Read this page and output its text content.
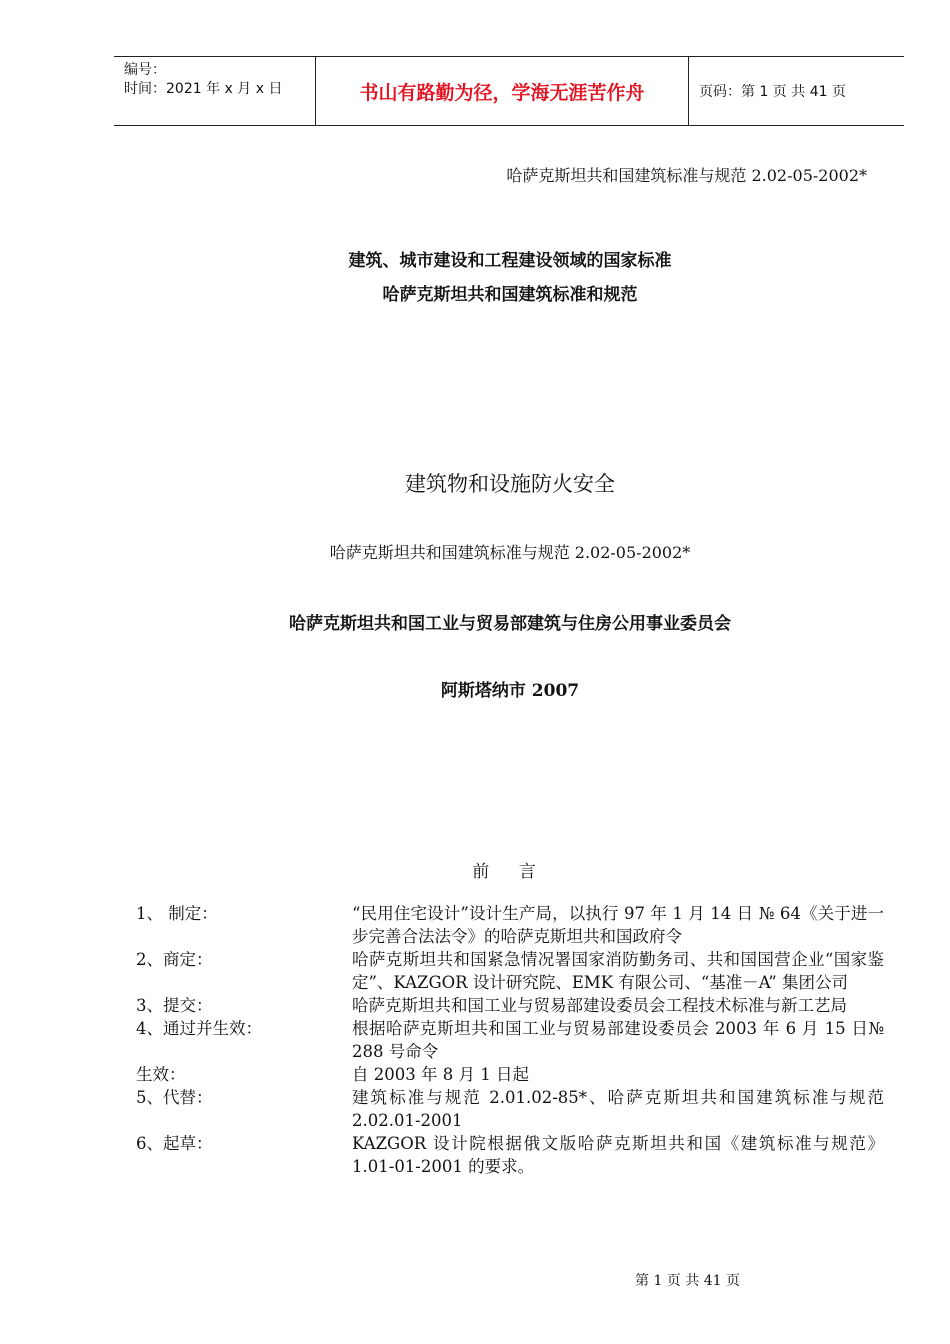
编号：
时间：2021 年 x 月 x 日	书山有路勤为径，学海无涯苦作舟	页码：第 1 页 共 41 页
哈萨克斯坦共和国建筑标准与规范 2.02-05-2002*
建筑、城市建设和工程建设领域的国家标准
哈萨克斯坦共和国建筑标准和规范
建筑物和设施防火安全
哈萨克斯坦共和国建筑标准与规范 2.02-05-2002*
哈萨克斯坦共和国工业与贸易部建筑与住房公用事业委员会
阿斯塔纳市 2007
前 言
1、 制定：	“民用住宅设计”设计生产局，以执行 97 年 1 月 14 日 № 64《关于进一步完善合法法令》的哈萨克斯坦共和国政府令
2、商定：	哈萨克斯坦共和国紧急情况署国家消防勤务司、共和国国营企业“国家鉴定”、KAZGOR 设计研究院、EMK 有限公司、“基准－A” 集团公司
3、提交：	哈萨克斯坦共和国工业与贸易部建设委员会工程技术标准与新工艺局
4、通过并生效：	根据哈萨克斯坦共和国工业与贸易部建设委员会 2003 年 6 月 15 日№ 288 号命令
生效：	自 2003 年 8 月 1 日起
5、代替：	建筑标准与规范 2.01.02-85*、哈萨克斯坦共和国建筑标准与规范 2.02.01-2001
6、起草：	KAZGOR 设计院根据俄文版哈萨克斯坦共和国《建筑标准与规范》1.01-01-2001 的要求。
第 1 页 共 41 页
